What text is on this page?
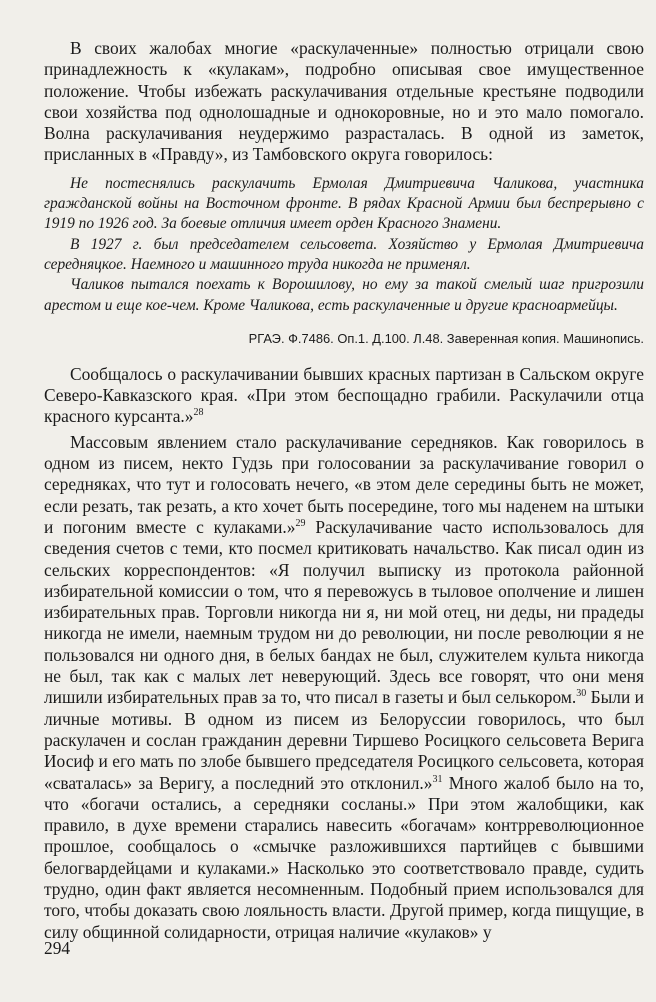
В своих жалобах многие «раскулаченные» полностью отрицали свою принадлежность к «кулакам», подробно описывая свое имущественное положение. Чтобы избежать раскулачивания отдельные крестьяне подводили свои хозяйства под однолошадные и однокоровные, но и это мало помогало. Волна раскулачивания неудержимо разрасталась. В одной из заметок, присланных в «Правду», из Тамбовского округа говорилось:

Не постеснялись раскулачить Ермолая Дмитриевича Чаликова, участника гражданской войны на Восточном фронте. В рядах Красной Армии был беспрерывно с 1919 по 1926 год. За боевые отличия имеет орден Красного Знамени.

В 1927 г. был председателем сельсовета. Хозяйство у Ермолая Дмитриевича середняцкое. Наемного и машинного труда никогда не применял.

Чаликов пытался поехать к Ворошилову, но ему за такой смелый шаг пригрозили арестом и еще кое-чем. Кроме Чаликова, есть раскулаченные и другие красноармейцы.

РГАЭ. Ф.7486. Оп.1. Д.100. Л.48. Заверенная копия. Машинопись.

Сообщалось о раскулачивании бывших красных партизан в Сальском округе Северо-Кавказского края. «При этом беспощадно грабили. Раскулачили отца красного курсанта.»$^{28}$

Массовым явлением стало раскулачивание середняков. Как говорилось в одном из писем, некто Гудзь при голосовании за раскулачивание говорил о середняках, что тут и голосовать нечего, «в этом деле середины быть не может, если резать, так резать, а кто хочет быть посередине, того мы наденем на штыки и погоним вместе с кулаками.»$^{29}$ Раскулачивание часто использовалось для сведения счетов с теми, кто посмел критиковать начальство. Как писал один из сельских корреспондентов: «Я получил выписку из протокола районной избирательной комиссии о том, что я перевожусь в тыловое ополчение и лишен избирательных прав. Торговли никогда ни я, ни мой отец, ни деды, ни прадеды никогда не имели, наемным трудом ни до революции, ни после революции я не пользовался ни одного дня, в белых бандах не был, служителем культа никогда не был, так как с малых лет неверующий. Здесь все говорят, что они меня лишили избирательных прав за то, что писал в газеты и был селькором.$^{30}$ Были и личные мотивы. В одном из писем из Белоруссии говорилось, что был раскулачен и сослан гражданин деревни Тиршево Росицкого сельсовета Верига Иосиф и его мать по злобе бывшего председателя Росицкого сельсовета, которая «сваталась» за Веригу, а последний это отклонил.»$^{31}$ Много жалоб было на то, что «богачи остались, а середняки сосланы.» При этом жалобщики, как правило, в духе времени старались навесить «богачам» контрреволюционное прошлое, сообщалось о «смычке разложившихся партийцев с бывшими белогвардейцами и кулаками.» Насколько это соответствовало правде, судить трудно, один факт является несомненным. Подобный прием использовался для того, чтобы доказать свою лояльность власти. Другой пример, когда пищущие, в силу общинной солидарности, отрицая наличие «кулаков» у

294
